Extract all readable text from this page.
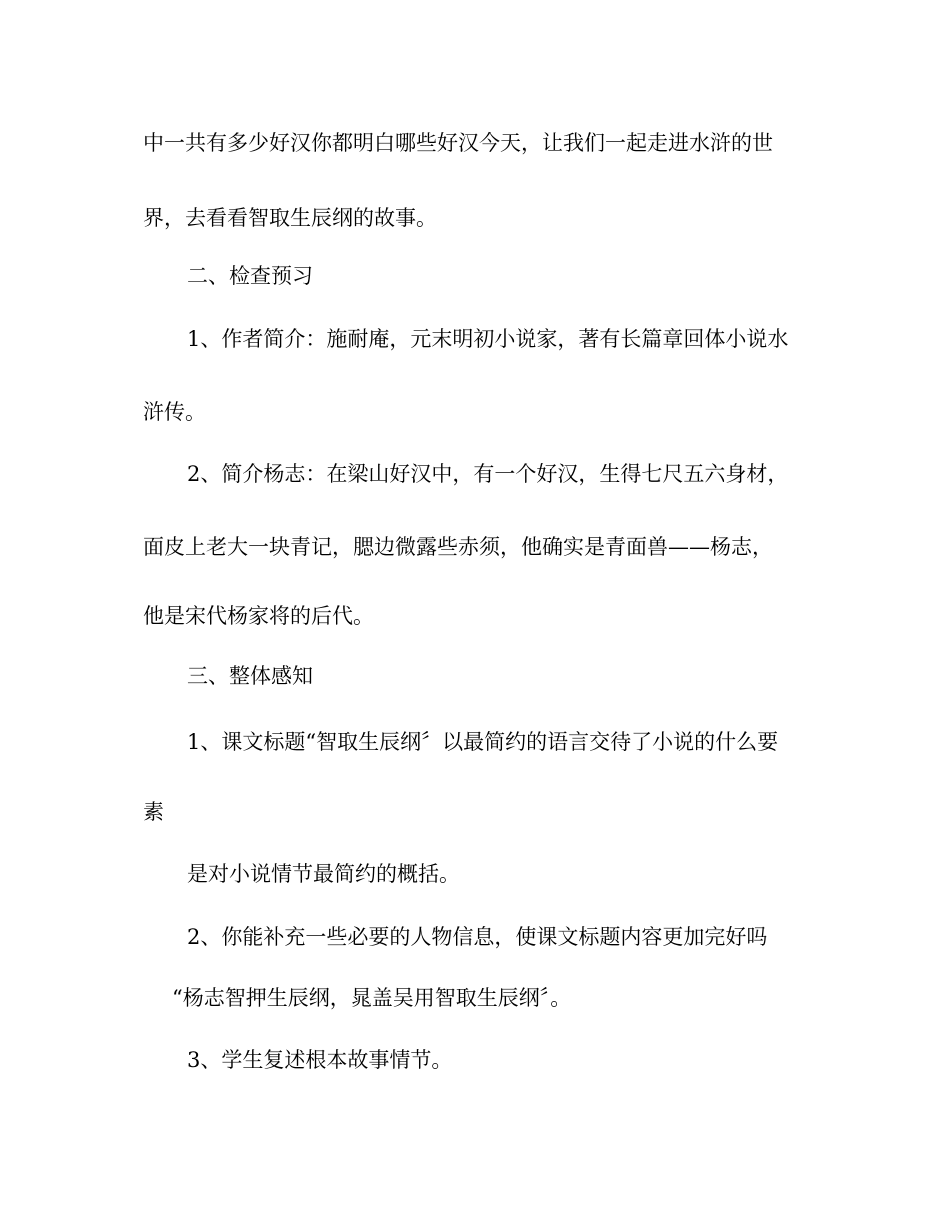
中一共有多少好汉你都明白哪些好汉今天，让我们一起走进水浒的世

界，去看看智取生辰纲的故事。

二、检查预习

1、作者简介：施耐庵，元末明初小说家，著有长篇章回体小说水

浒传。

2、简介杨志：在梁山好汉中，有一个好汉，生得七尺五六身材，

面皮上老大一块青记，腮边微露些赤须，他确实是青面兽——杨志，

他是宋代杨家将的后代。

三、整体感知

1、课文标题“智取生辰纲〞以最简约的语言交待了小说的什么要

素

是对小说情节最简约的概括。

2、你能补充一些必要的人物信息，使课文标题内容更加完好吗

“杨志智押生辰纲，晁盖吴用智取生辰纲〞。

3、学生复述根本故事情节。
